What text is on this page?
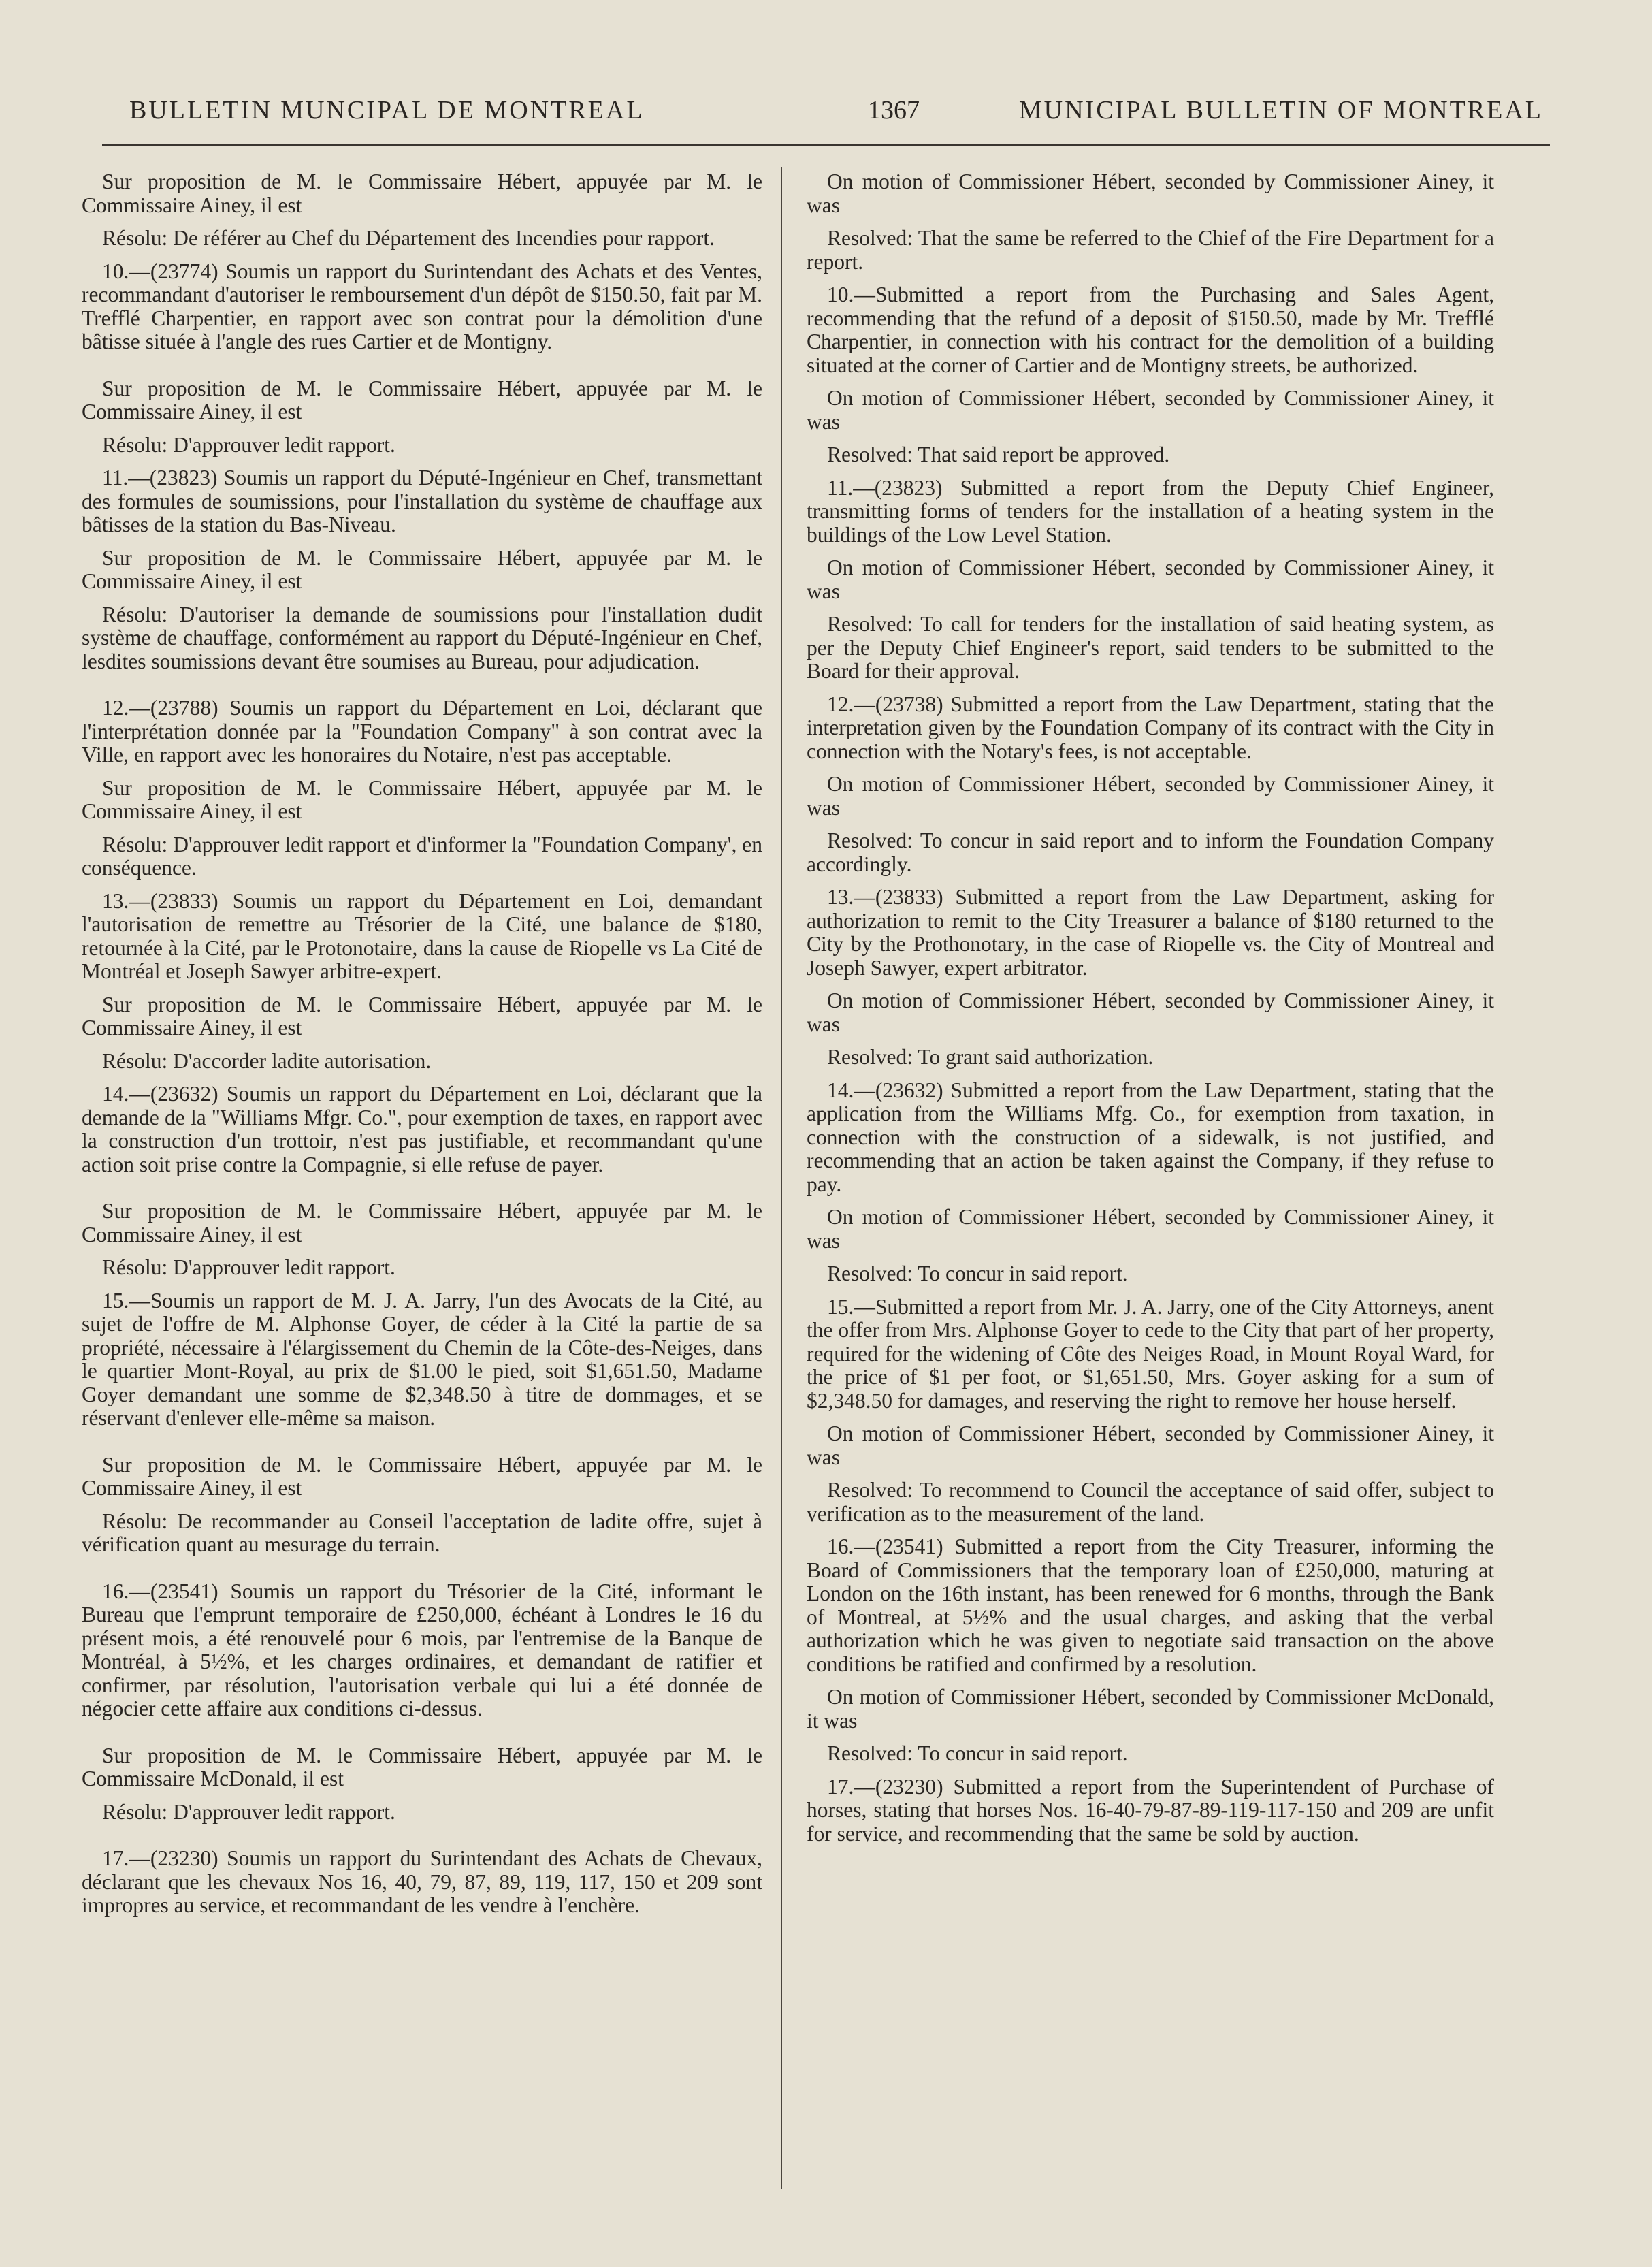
BULLETIN MUNCIPAL DE MONTREAL	1367	MUNICIPAL BULLETIN OF MONTREAL

Sur proposition de M. le Commissaire Hébert, appuyée par M. le Commissaire Ainey, il est

Résolu: De référer au Chef du Département des Incendies pour rapport.

10.—(23774) Soumis un rapport du Surintendant des Achats et des Ventes, recommandant d'autoriser le remboursement d'un dépôt de $150.50, fait par M. Trefflé Charpentier, en rapport avec son contrat pour la démolition d'une bâtisse située à l'angle des rues Cartier et de Montigny.

Sur proposition de M. le Commissaire Hébert, appuyée par M. le Commissaire Ainey, il est

Résolu: D'approuver ledit rapport.

11.—(23823) Soumis un rapport du Député-Ingénieur en Chef, transmettant des formules de soumissions, pour l'installation du système de chauffage aux bâtisses de la station du Bas-Niveau.

Sur proposition de M. le Commissaire Hébert, appuyée par M. le Commissaire Ainey, il est

Résolu: D'autoriser la demande de soumissions pour l'installation dudit système de chauffage, conformément au rapport du Député-Ingénieur en Chef, lesdites soumissions devant être soumises au Bureau, pour adjudication.

12.—(23788) Soumis un rapport du Département en Loi, déclarant que l'interprétation donnée par la "Foundation Company" à son contrat avec la Ville, en rapport avec les honoraires du Notaire, n'est pas acceptable.

Sur proposition de M. le Commissaire Hébert, appuyée par M. le Commissaire Ainey, il est

Résolu: D'approuver ledit rapport et d'informer la "Foundation Company', en conséquence.

13.—(23833) Soumis un rapport du Département en Loi, demandant l'autorisation de remettre au Trésorier de la Cité, une balance de $180, retournée à la Cité, par le Protonotaire, dans la cause de Riopelle vs La Cité de Montréal et Joseph Sawyer arbitre-expert.

Sur proposition de M. le Commissaire Hébert, appuyée par M. le Commissaire Ainey, il est

Résolu: D'accorder ladite autorisation.

14.—(23632) Soumis un rapport du Département en Loi, déclarant que la demande de la "Williams Mfgr. Co.", pour exemption de taxes, en rapport avec la construction d'un trottoir, n'est pas justifiable, et recommandant qu'une action soit prise contre la Compagnie, si elle refuse de payer.

Sur proposition de M. le Commissaire Hébert, appuyée par M. le Commissaire Ainey, il est

Résolu: D'approuver ledit rapport.

15.—Soumis un rapport de M. J. A. Jarry, l'un des Avocats de la Cité, au sujet de l'offre de M. Alphonse Goyer, de céder à la Cité la partie de sa propriété, nécessaire à l'élargissement du Chemin de la Côte-des-Neiges, dans le quartier Mont-Royal, au prix de $1.00 le pied, soit $1,651.50, Madame Goyer demandant une somme de $2,348.50 à titre de dommages, et se réservant d'enlever elle-même sa maison.

Sur proposition de M. le Commissaire Hébert, appuyée par M. le Commissaire Ainey, il est

Résolu: De recommander au Conseil l'acceptation de ladite offre, sujet à vérification quant au mesurage du terrain.

16.—(23541) Soumis un rapport du Trésorier de la Cité, informant le Bureau que l'emprunt temporaire de £250,000, échéant à Londres le 16 du présent mois, a été renouvelé pour 6 mois, par l'entremise de la Banque de Montréal, à 5½%, et les charges ordinaires, et demandant de ratifier et confirmer, par résolution, l'autorisation verbale qui lui a été donnée de négocier cette affaire aux conditions ci-dessus.

Sur proposition de M. le Commissaire Hébert, appuyée par M. le Commissaire McDonald, il est

Résolu: D'approuver ledit rapport.

17.—(23230) Soumis un rapport du Surintendant des Achats de Chevaux, déclarant que les chevaux Nos 16, 40, 79, 87, 89, 119, 117, 150 et 209 sont impropres au service, et recommandant de les vendre à l'enchère.

On motion of Commissioner Hébert, seconded by Commissioner Ainey, it was

Resolved: That the same be referred to the Chief of the Fire Department for a report.

10.—Submitted a report from the Purchasing and Sales Agent, recommending that the refund of a deposit of $150.50, made by Mr. Trefflé Charpentier, in connection with his contract for the demolition of a building situated at the corner of Cartier and de Montigny streets, be authorized.

On motion of Commissioner Hébert, seconded by Commissioner Ainey, it was

Resolved: That said report be approved.

11.—(23823) Submitted a report from the Deputy Chief Engineer, transmitting forms of tenders for the installation of a heating system in the buildings of the Low Level Station.

On motion of Commissioner Hébert, seconded by Commissioner Ainey, it was

Resolved: To call for tenders for the installation of said heating system, as per the Deputy Chief Engineer's report, said tenders to be submitted to the Board for their approval.

12.—(23738) Submitted a report from the Law Department, stating that the interpretation given by the Foundation Company of its contract with the City in connection with the Notary's fees, is not acceptable.

On motion of Commissioner Hébert, seconded by Commissioner Ainey, it was

Resolved: To concur in said report and to inform the Foundation Company accordingly.

13.—(23833) Submitted a report from the Law Department, asking for authorization to remit to the City Treasurer a balance of $180 returned to the City by the Prothonotary, in the case of Riopelle vs. the City of Montreal and Joseph Sawyer, expert arbitrator.

On motion of Commissioner Hébert, seconded by Commissioner Ainey, it was

Resolved: To grant said authorization.

14.—(23632) Submitted a report from the Law Department, stating that the application from the Williams Mfg. Co., for exemption from taxation, in connection with the construction of a sidewalk, is not justified, and recommending that an action be taken against the Company, if they refuse to pay.

On motion of Commissioner Hébert, seconded by Commissioner Ainey, it was

Resolved: To concur in said report.

15.—Submitted a report from Mr. J. A. Jarry, one of the City Attorneys, anent the offer from Mrs. Alphonse Goyer to cede to the City that part of her property, required for the widening of Côte des Neiges Road, in Mount Royal Ward, for the price of $1 per foot, or $1,651.50, Mrs. Goyer asking for a sum of $2,348.50 for damages, and reserving the right to remove her house herself.

On motion of Commissioner Hébert, seconded by Commissioner Ainey, it was

Resolved: To recommend to Council the acceptance of said offer, subject to verification as to the measurement of the land.

16.—(23541) Submitted a report from the City Treasurer, informing the Board of Commissioners that the temporary loan of £250,000, maturing at London on the 16th instant, has been renewed for 6 months, through the Bank of Montreal, at 5½% and the usual charges, and asking that the verbal authorization which he was given to negotiate said transaction on the above conditions be ratified and confirmed by a resolution.

On motion of Commissioner Hébert, seconded by Commissioner McDonald, it was

Resolved: To concur in said report.

17.—(23230) Submitted a report from the Superintendent of Purchase of horses, stating that horses Nos. 16-40-79-87-89-119-117-150 and 209 are unfit for service, and recommending that the same be sold by auction.
